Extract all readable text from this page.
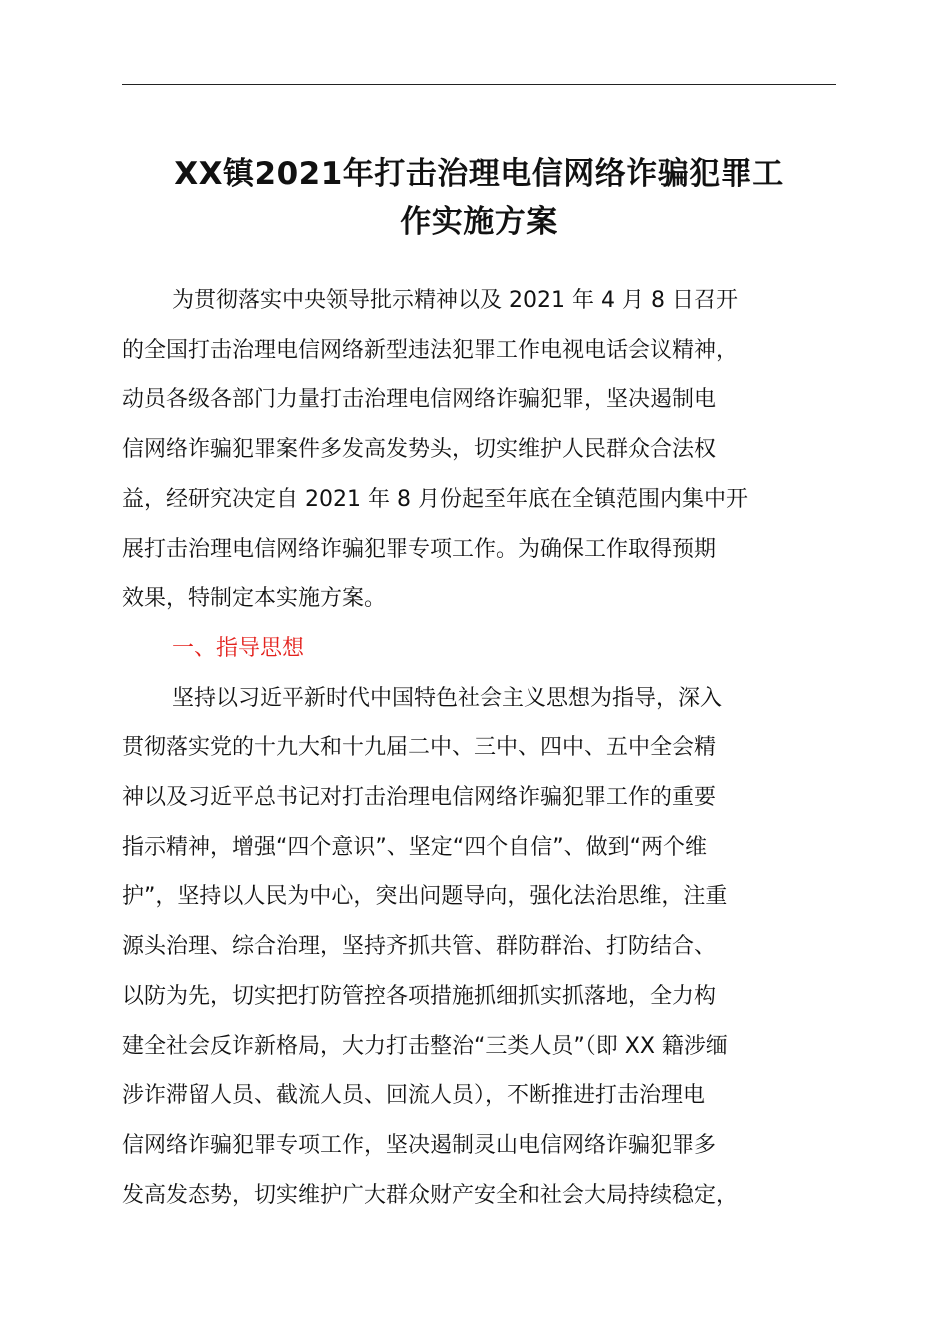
XX镇2021年打击治理电信网络诈骗犯罪工
作实施方案

为贯彻落实中央领导批示精神以及 2021 年 4 月 8 日召开
的全国打击治理电信网络新型违法犯罪工作电视电话会议精神，
动员各级各部门力量打击治理电信网络诈骗犯罪，坚决遏制电
信网络诈骗犯罪案件多发高发势头，切实维护人民群众合法权
益，经研究决定自 2021 年 8 月份起至年底在全镇范围内集中开
展打击治理电信网络诈骗犯罪专项工作。为确保工作取得预期
效果，特制定本实施方案。

一、指导思想

坚持以习近平新时代中国特色社会主义思想为指导，深入
贯彻落实党的十九大和十九届二中、三中、四中、五中全会精
神以及习近平总书记对打击治理电信网络诈骗犯罪工作的重要
指示精神，增强“四个意识”、坚定“四个自信”、做到“两个维
护”，坚持以人民为中心，突出问题导向，强化法治思维，注重
源头治理、综合治理，坚持齐抓共管、群防群治、打防结合、
以防为先，切实把打防管控各项措施抓细抓实抓落地，全力构
建全社会反诈新格局，大力打击整治“三类人员”（即 XX 籍涉缅
涉诈滞留人员、截流人员、回流人员），不断推进打击治理电
信网络诈骗犯罪专项工作，坚决遏制灵山电信网络诈骗犯罪多
发高发态势，切实维护广大群众财产安全和社会大局持续稳定，
